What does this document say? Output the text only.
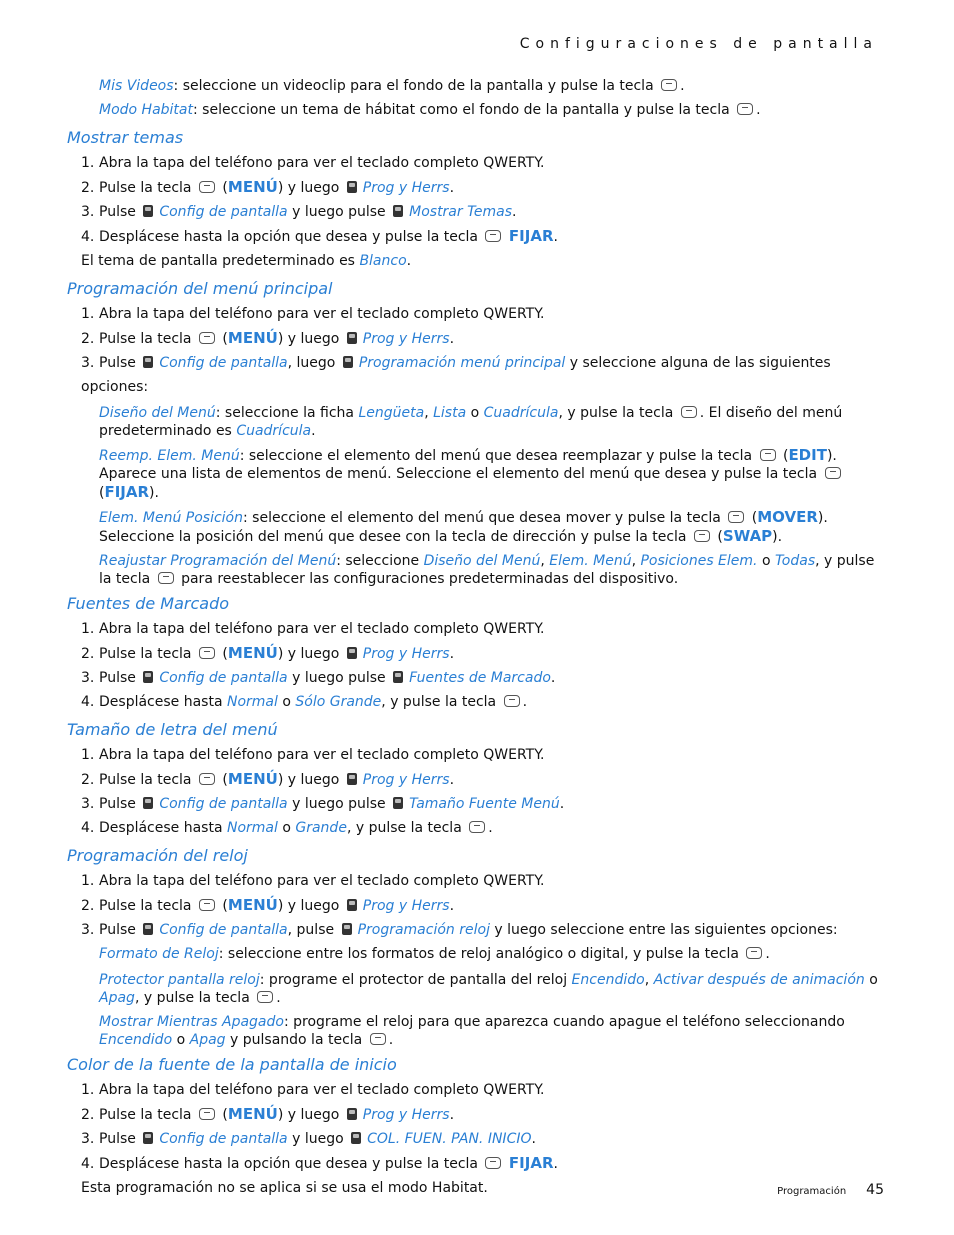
Configuraciones de pantalla
Mis Videos: seleccione un videoclip para el fondo de la pantalla y pulse la tecla .
Modo Habitat: seleccione un tema de hábitat como el fondo de la pantalla y pulse la tecla .
Mostrar temas
1. Abra la tapa del teléfono para ver el teclado completo QWERTY.
2. Pulse la tecla  (MENÚ) y luego Prog y Herrs.
3. Pulse Config de pantalla y luego pulse Mostrar Temas.
4. Desplácese hasta la opción que desea y pulse la tecla FIJAR.
El tema de pantalla predeterminado es Blanco.
Programación del menú principal
1. Abra la tapa del teléfono para ver el teclado completo QWERTY.
2. Pulse la tecla  (MENÚ) y luego Prog y Herrs.
3. Pulse Config de pantalla, luego Programación menú principal y seleccione alguna de las siguientes opciones:
Diseño del Menú: seleccione la ficha Lengüeta, Lista o Cuadrícula, y pulse la tecla . El diseño del menú predeterminado es Cuadrícula.
Reemp. Elem. Menú: seleccione el elemento del menú que desea reemplazar y pulse la tecla  (EDIT). Aparece una lista de elementos de menú. Seleccione el elemento del menú que desea y pulse la tecla  (FIJAR).
Elem. Menú Posición: seleccione el elemento del menú que desea mover y pulse la tecla  (MOVER). Seleccione la posición del menú que desee con la tecla de dirección y pulse la tecla  (SWAP).
Reajustar Programación del Menú: seleccione Diseño del Menú, Elem. Menú, Posiciones Elem. o Todas, y pulse la tecla para reestablecer las configuraciones predeterminadas del dispositivo.
Fuentes de Marcado
1. Abra la tapa del teléfono para ver el teclado completo QWERTY.
2. Pulse la tecla  (MENÚ) y luego Prog y Herrs.
3. Pulse Config de pantalla y luego pulse Fuentes de Marcado.
4. Desplácese hasta Normal o Sólo Grande, y pulse la tecla .
Tamaño de letra del menú
1. Abra la tapa del teléfono para ver el teclado completo QWERTY.
2. Pulse la tecla  (MENÚ) y luego Prog y Herrs.
3. Pulse Config de pantalla y luego pulse Tamaño Fuente Menú.
4. Desplácese hasta Normal o Grande, y pulse la tecla .
Programación del reloj
1. Abra la tapa del teléfono para ver el teclado completo QWERTY.
2. Pulse la tecla  (MENÚ) y luego Prog y Herrs.
3. Pulse Config de pantalla, pulse Programación reloj y luego seleccione entre las siguientes opciones:
Formato de Reloj: seleccione entre los formatos de reloj analógico o digital, y pulse la tecla .
Protector pantalla reloj: programe el protector de pantalla del reloj Encendido, Activar después de animación o Apag, y pulse la tecla .
Mostrar Mientras Apagado: programe el reloj para que aparezca cuando apague el teléfono seleccionando Encendido o Apag y pulsando la tecla .
Color de la fuente de la pantalla de inicio
1. Abra la tapa del teléfono para ver el teclado completo QWERTY.
2. Pulse la tecla  (MENÚ) y luego Prog y Herrs.
3. Pulse Config de pantalla y luego COL. FUEN. PAN. INICIO.
4. Desplácese hasta la opción que desea y pulse la tecla FIJAR.
Esta programación no se aplica si se usa el modo Habitat.	Programación 45
